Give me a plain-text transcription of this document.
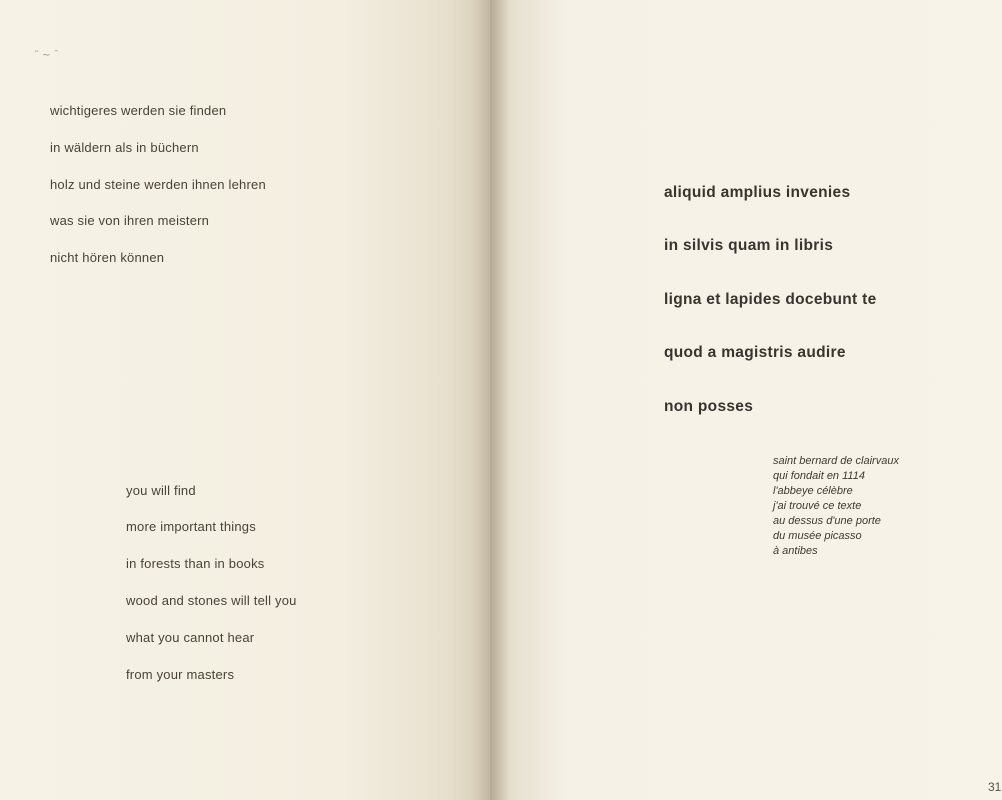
˜ ~ ˉ

wichtigeres werden sie finden

in wäldern als in büchern

holz und steine werden ihnen lehren

was sie von ihren meistern

nicht hören können

you will find

more important things

in forests than in books

wood and stones will tell you

what you cannot hear

from your masters

aliquid amplius invenies

in silvis quam in libris

ligna et lapides docebunt te

quod a magistris audire

non posses

saint bernard de clairvaux

qui fondait en 1114

l'abbeye célèbre

j'ai trouvé ce texte

au dessus d'une porte

du musée picasso

à antibes

31
